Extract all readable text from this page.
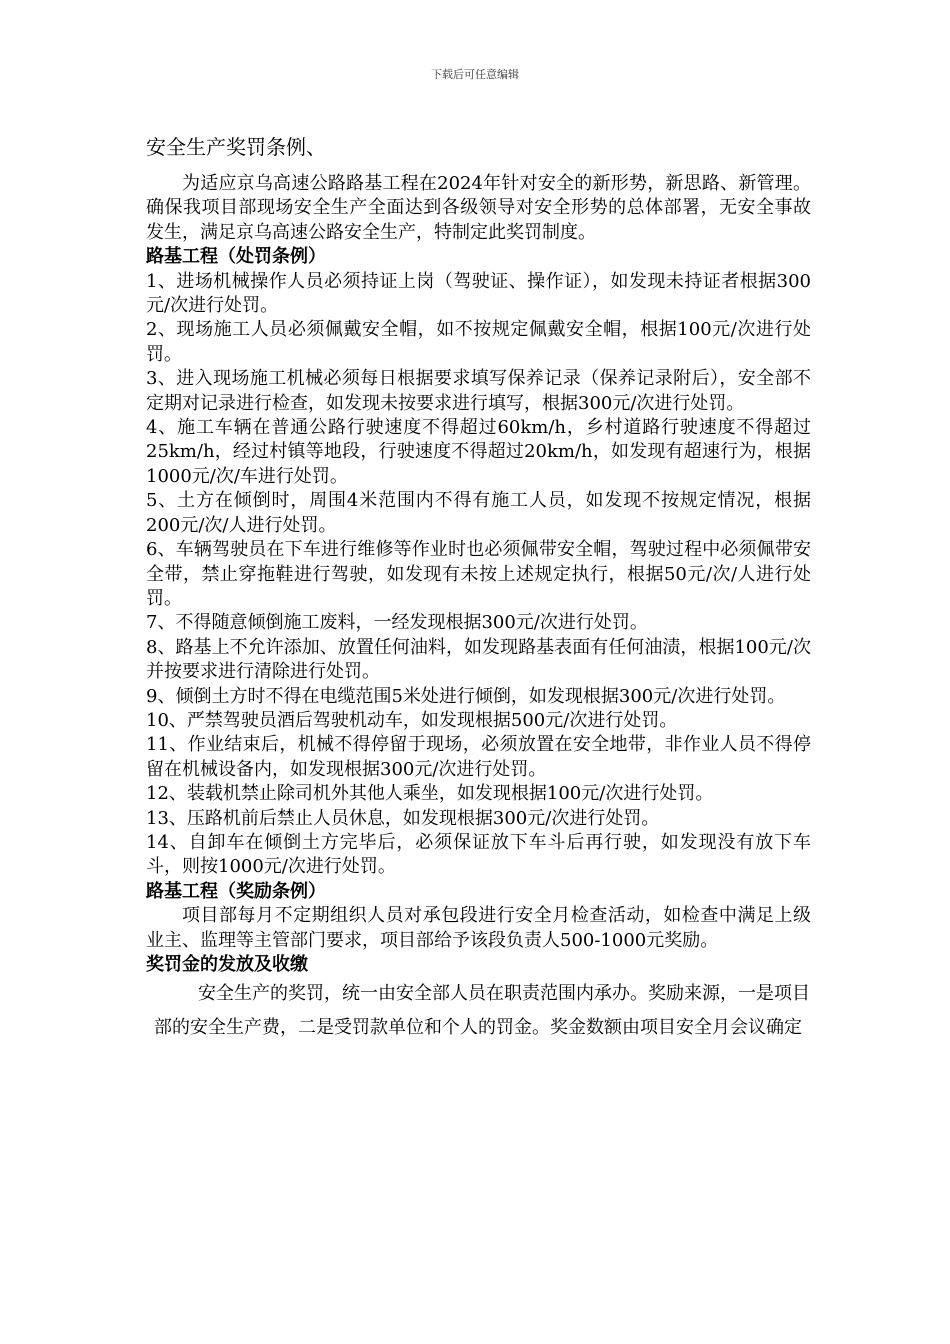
下载后可任意编辑
安全生产奖罚条例、

为适应京乌高速公路路基工程在2024年针对安全的新形势，新思路、新管理。确保我项目部现场安全生产全面达到各级领导对安全形势的总体部署，无安全事故发生，满足京乌高速公路安全生产，特制定此奖罚制度。

路基工程（处罚条例）

1、进场机械操作人员必须持证上岗（驾驶证、操作证），如发现未持证者根据300元/次进行处罚。

2、现场施工人员必须佩戴安全帽，如不按规定佩戴安全帽，根据100元/次进行处罚。

3、进入现场施工机械必须每日根据要求填写保养记录（保养记录附后），安全部不定期对记录进行检查，如发现未按要求进行填写，根据300元/次进行处罚。

4、施工车辆在普通公路行驶速度不得超过60km/h，乡村道路行驶速度不得超过25km/h，经过村镇等地段，行驶速度不得超过20km/h，如发现有超速行为，根据1000元/次/车进行处罚。

5、土方在倾倒时，周围4米范围内不得有施工人员，如发现不按规定情况，根据200元/次/人进行处罚。

6、车辆驾驶员在下车进行维修等作业时也必须佩带安全帽，驾驶过程中必须佩带安全带，禁止穿拖鞋进行驾驶，如发现有未按上述规定执行，根据50元/次/人进行处罚。

7、不得随意倾倒施工废料，一经发现根据300元/次进行处罚。

8、路基上不允许添加、放置任何油料，如发现路基表面有任何油渍，根据100元/次并按要求进行清除进行处罚。

9、倾倒土方时不得在电缆范围5米处进行倾倒，如发现根据300元/次进行处罚。

10、严禁驾驶员酒后驾驶机动车，如发现根据500元/次进行处罚。

11、作业结束后，机械不得停留于现场，必须放置在安全地带，非作业人员不得停留在机械设备内，如发现根据300元/次进行处罚。

12、装载机禁止除司机外其他人乘坐，如发现根据100元/次进行处罚。

13、压路机前后禁止人员休息，如发现根据300元/次进行处罚。

14、自卸车在倾倒土方完毕后，必须保证放下车斗后再行驶，如发现没有放下车斗，则按1000元/次进行处罚。

路基工程（奖励条例）

项目部每月不定期组织人员对承包段进行安全月检查活动，如检查中满足上级业主、监理等主管部门要求，项目部给予该段负责人500-1000元奖励。

奖罚金的发放及收缴

安全生产的奖罚，统一由安全部人员在职责范围内承办。奖励来源，一是项目部的安全生产费，二是受罚款单位和个人的罚金。奖金数额由项目安全月会议确定
